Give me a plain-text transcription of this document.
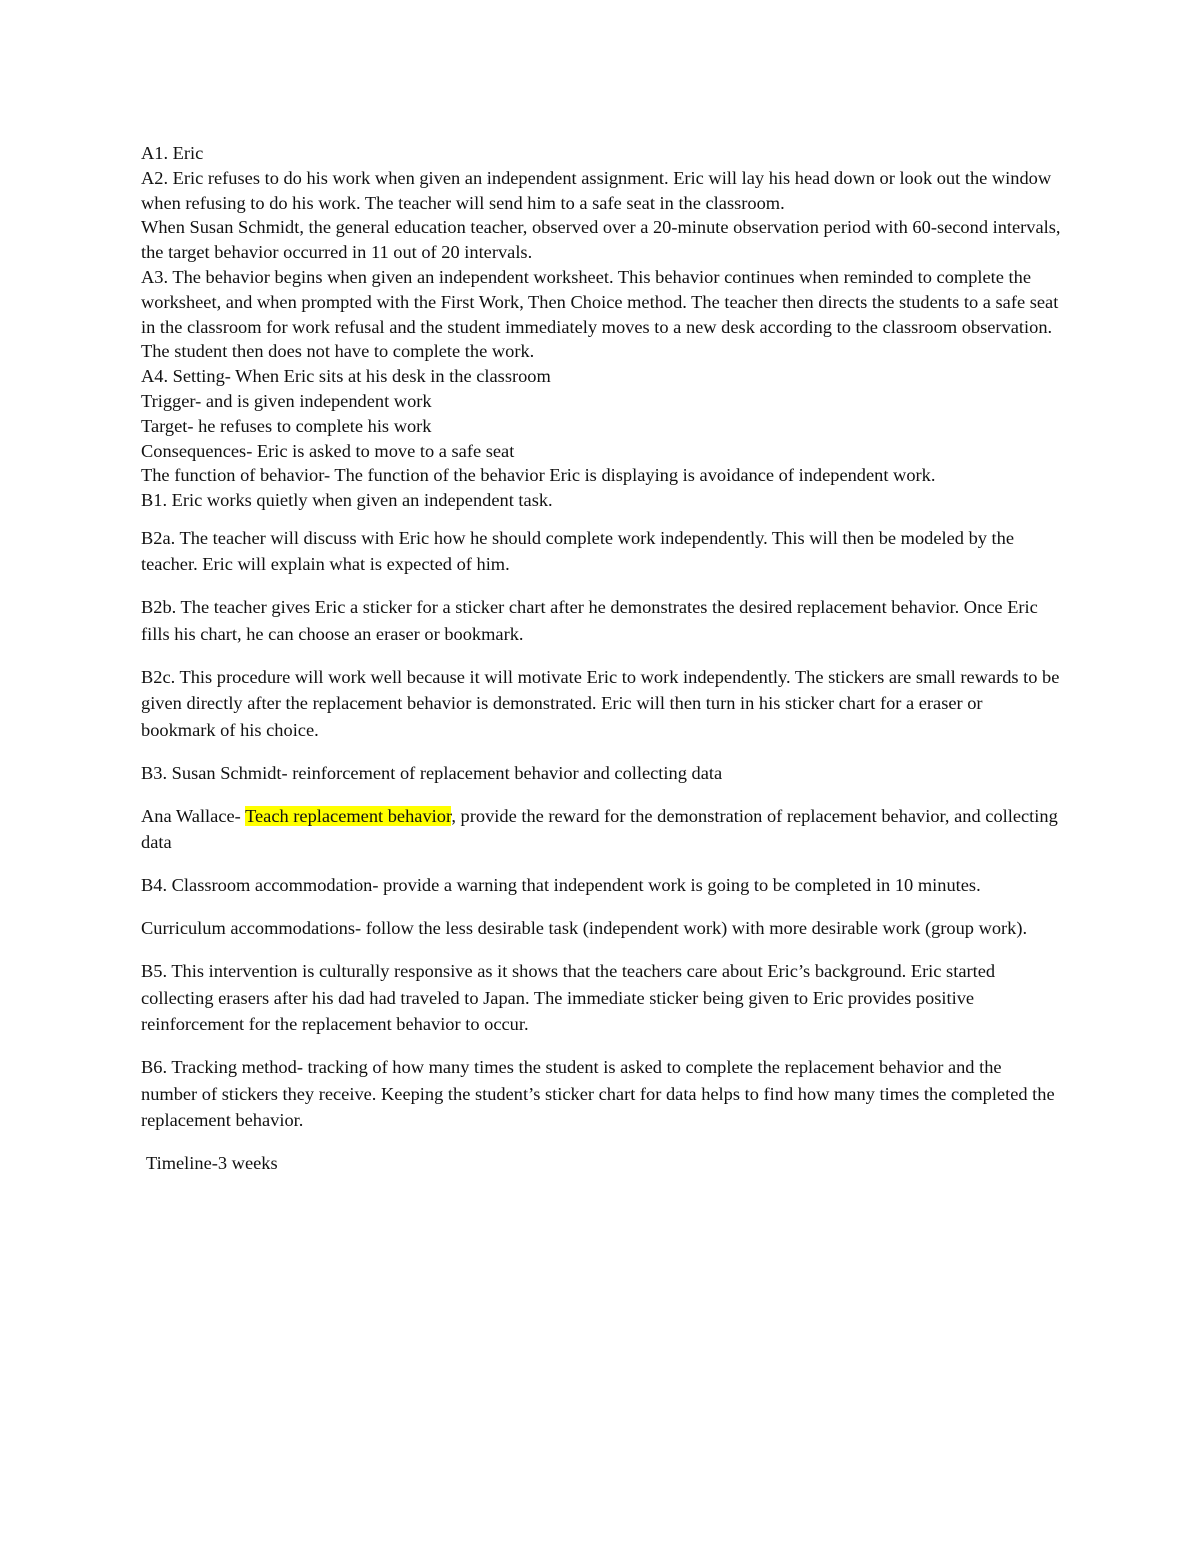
A1. Eric

A2. Eric refuses to do his work when given an independent assignment. Eric will lay his head down or look out the window when refusing to do his work. The teacher will send him to a safe seat in the classroom.

When Susan Schmidt, the general education teacher, observed over a 20-minute observation period with 60-second intervals, the target behavior occurred in 11 out of 20 intervals.

A3. The behavior begins when given an independent worksheet. This behavior continues when reminded to complete the worksheet, and when prompted with the First Work, Then Choice method. The teacher then directs the students to a safe seat in the classroom for work refusal and the student immediately moves to a new desk according to the classroom observation. The student then does not have to complete the work.

A4. Setting- When Eric sits at his desk in the classroom

Trigger- and is given independent work

Target- he refuses to complete his work

Consequences- Eric is asked to move to a safe seat

The function of behavior- The function of the behavior Eric is displaying is avoidance of independent work.

B1. Eric works quietly when given an independent task.

B2a. The teacher will discuss with Eric how he should complete work independently. This will then be modeled by the teacher. Eric will explain what is expected of him.

B2b. The teacher gives Eric a sticker for a sticker chart after he demonstrates the desired replacement behavior. Once Eric fills his chart, he can choose an eraser or bookmark.

B2c. This procedure will work well because it will motivate Eric to work independently. The stickers are small rewards to be given directly after the replacement behavior is demonstrated. Eric will then turn in his sticker chart for a eraser or bookmark of his choice.

B3. Susan Schmidt- reinforcement of replacement behavior and collecting data

Ana Wallace- Teach replacement behavior, provide the reward for the demonstration of replacement behavior, and collecting data

B4. Classroom accommodation- provide a warning that independent work is going to be completed in 10 minutes.

Curriculum accommodations- follow the less desirable task (independent work) with more desirable work (group work).

B5. This intervention is culturally responsive as it shows that the teachers care about Eric’s background. Eric started collecting erasers after his dad had traveled to Japan. The immediate sticker being given to Eric provides positive reinforcement for the replacement behavior to occur.

B6. Tracking method- tracking of how many times the student is asked to complete the replacement behavior and the number of stickers they receive. Keeping the student’s sticker chart for data helps to find how many times the completed the replacement behavior.

Timeline-3 weeks
